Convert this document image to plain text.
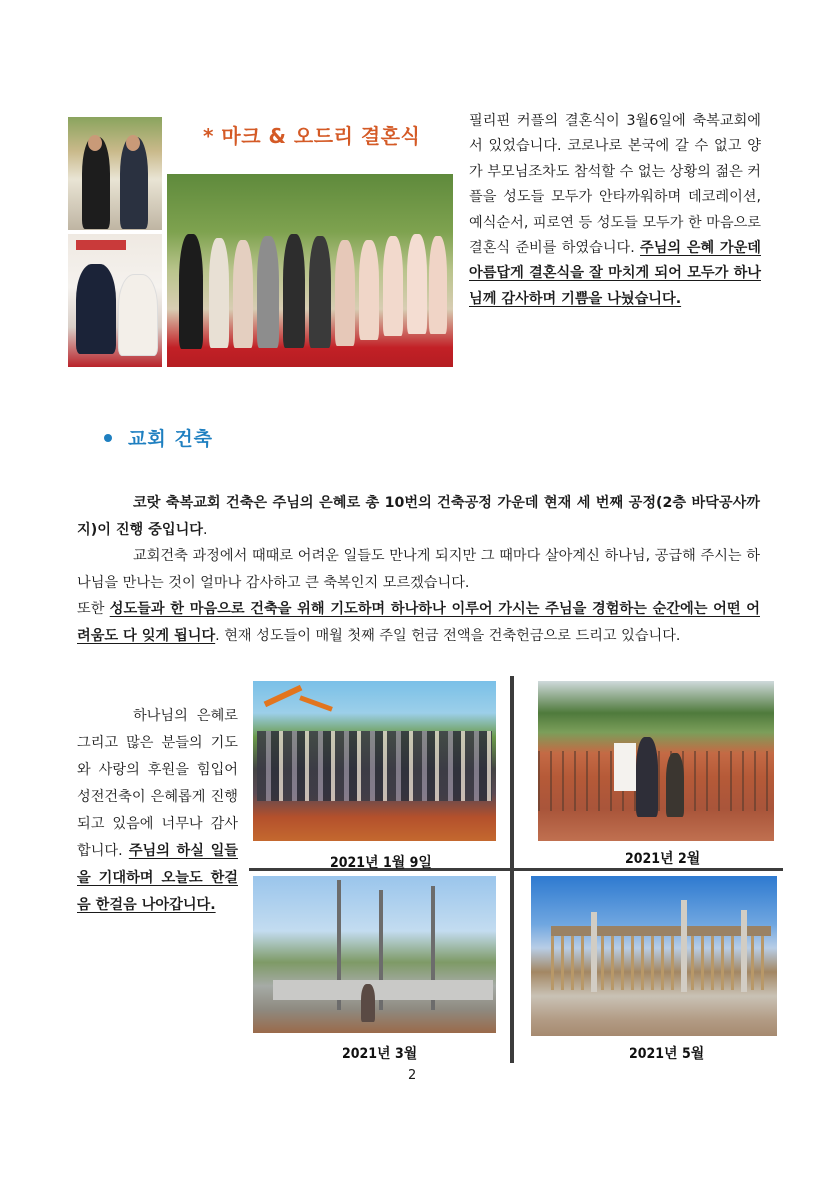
* 마크 & 오드리 결혼식
필리핀 커플의 결혼식이 3월6일에 축복교회에서 있었습니다. 코로나로 본국에 갈 수 없고 양가 부모님조차도 참석할 수 없는 상황의 젊은 커플을 성도들 모두가 안타까워하며 데코레이션, 예식순서, 피로연 등 성도들 모두가 한 마음으로 결혼식 준비를 하였습니다. 주님의 은혜 가운데 아름답게 결혼식을 잘 마치게 되어 모두가 하나님께 감사하며 기쁨을 나눴습니다.
교회 건축
코랏 축복교회 건축은 주님의 은혜로 총 10번의 건축공정 가운데 현재 세 번째 공정(2층 바닥공사까지)이 진행 중입니다.
교회건축 과정에서 때때로 어려운 일들도 만나게 되지만 그 때마다 살아계신 하나님, 공급해 주시는 하나님을 만나는 것이 얼마나 감사하고 큰 축복인지 모르겠습니다.
또한 성도들과 한 마음으로 건축을 위해 기도하며 하나하나 이루어 가시는 주님을 경험하는 순간에는 어떤 어려움도 다 잊게 됩니다. 현재 성도들이 매월 첫째 주일 헌금 전액을 건축헌금으로 드리고 있습니다.
하나님의 은혜로 그리고 많은 분들의 기도와 사랑의 후원을 힘입어 성전건축이 은혜롭게 진행되고 있음에 너무나 감사합니다. 주님의 하실 일들을 기대하며 오늘도 한걸음 한걸음 나아갑니다.
2021년 1월 9일	2021년 2월
2021년 3월	2021년 5월
2
